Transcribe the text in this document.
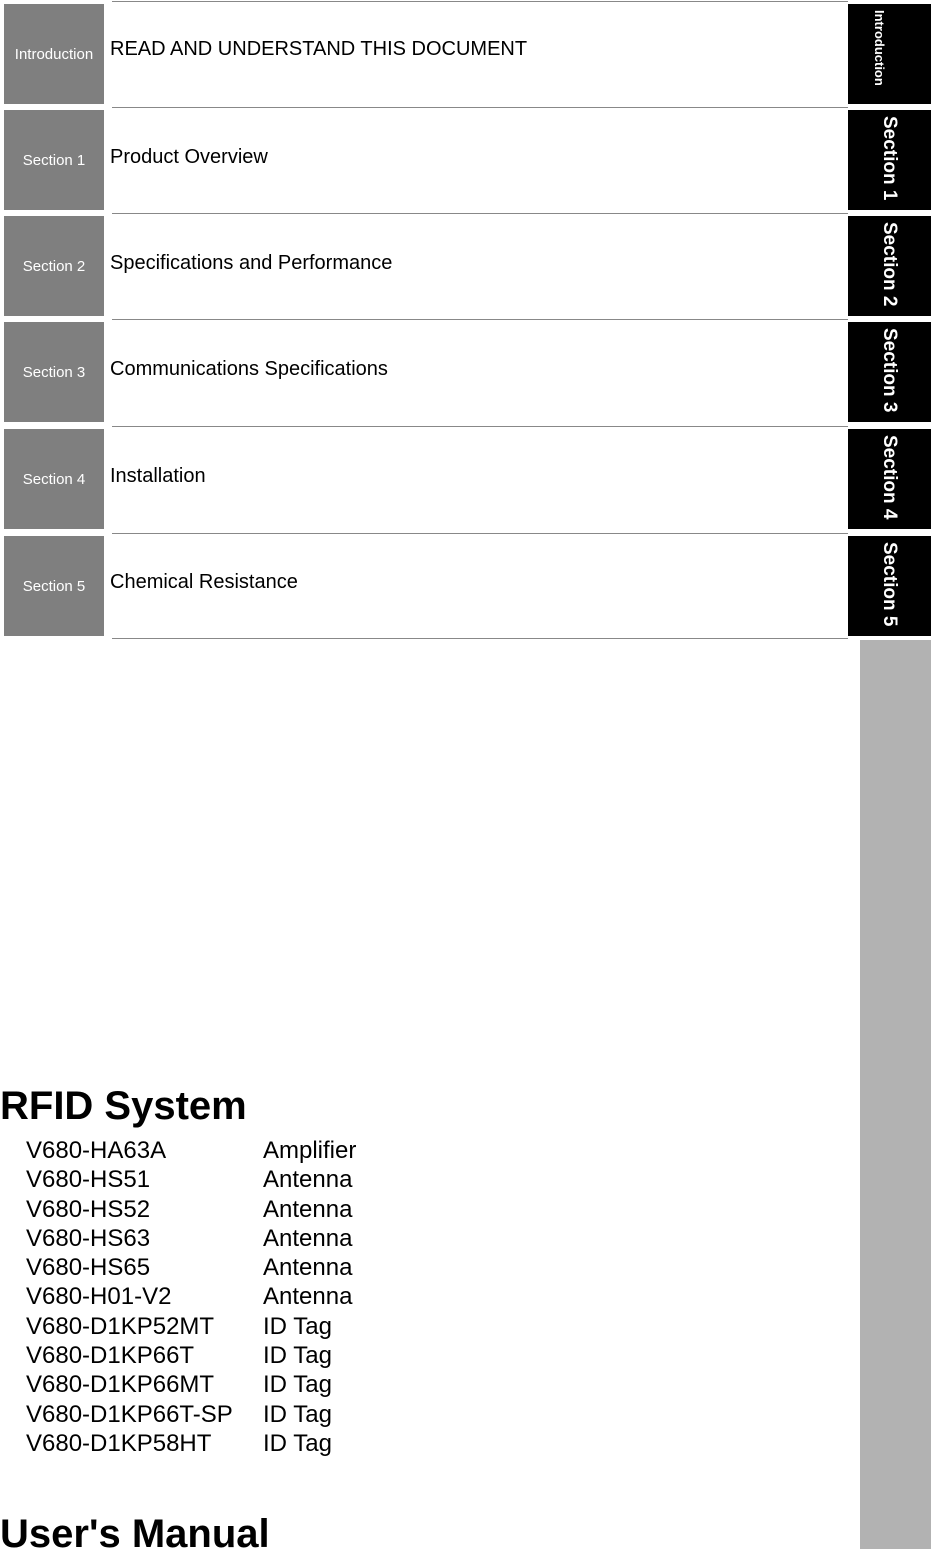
Introduction READ AND UNDERSTAND THIS DOCUMENT	Introduction
Section 1 Product Overview	Section 1
Section 2 Specifications and Performance	Section 2
Section 3 Communications Specifications	Section 3
Section 4 Installation	Section 4
Section 5 Chemical Resistance	Section 5
RFID System
V680-HA63A	Amplifier
V680-HS51	Antenna
V680-HS52	Antenna
V680-HS63	Antenna
V680-HS65	Antenna
V680-H01-V2	Antenna
V680-D1KP52MT ID Tag
V680-D1KP66T	ID Tag
V680-D1KP66MT ID Tag
V680-D1KP66T-SP ID Tag
V680-D1KP58HT ID Tag
User's Manual
